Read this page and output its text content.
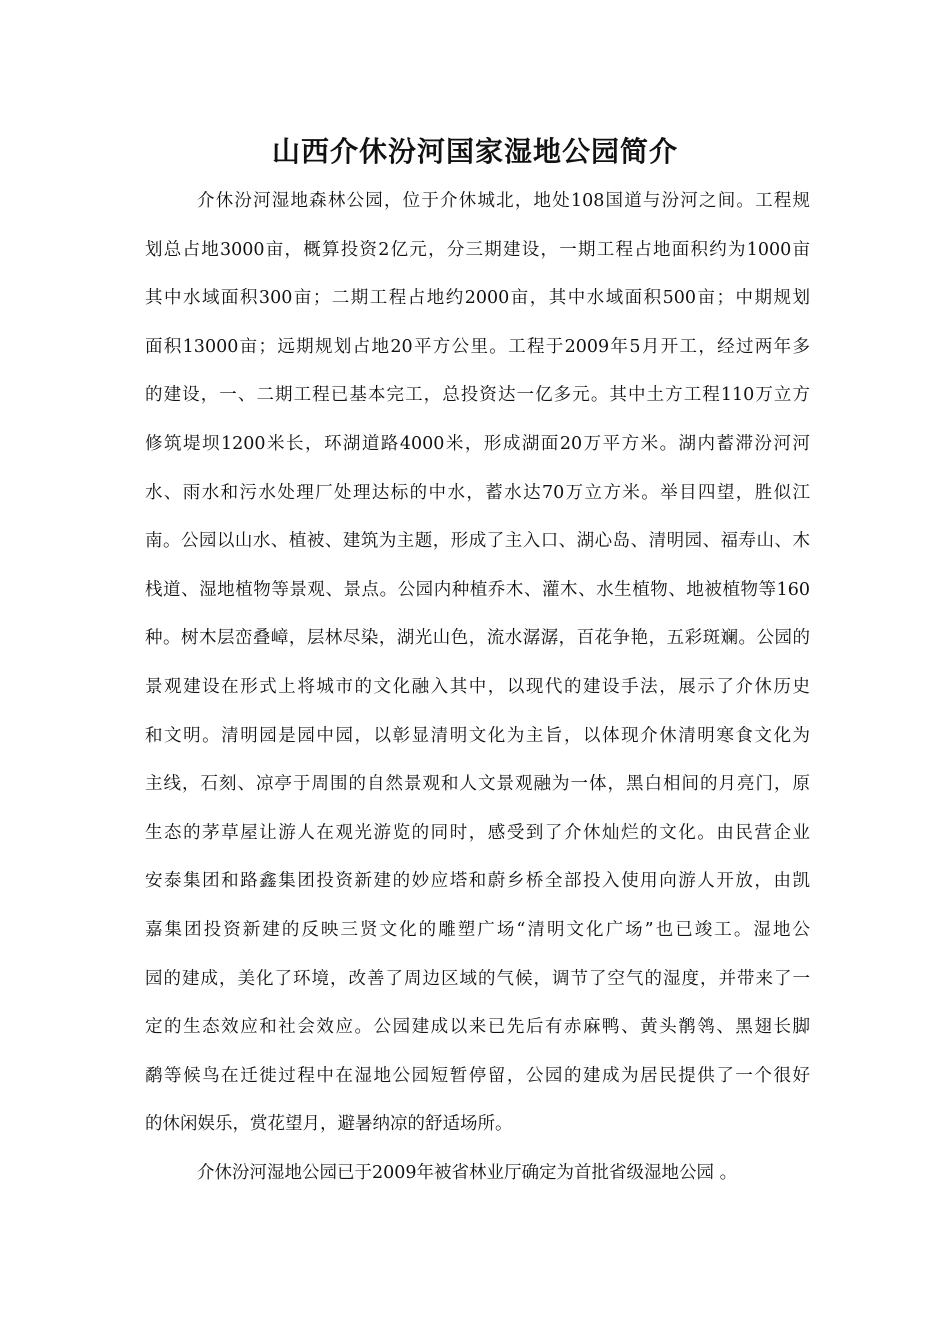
山西介休汾河国家湿地公园简介
介休汾河湿地森林公园，位于介休城北，地处108国道与汾河之间。工程规
划总占地3000亩，概算投资2亿元，分三期建设，一期工程占地面积约为1000亩
其中水域面积300亩；二期工程占地约2000亩，其中水域面积500亩；中期规划
面积13000亩；远期规划占地20平方公里。工程于2009年5月开工，经过两年多
的建设，一、二期工程已基本完工，总投资达一亿多元。其中土方工程110万立方
修筑堤坝1200米长，环湖道路4000米，形成湖面20万平方米。湖内蓄滞汾河河
水、雨水和污水处理厂处理达标的中水，蓄水达70万立方米。举目四望，胜似江
南。公园以山水、植被、建筑为主题，形成了主入口、湖心岛、清明园、福寿山、木
栈道、湿地植物等景观、景点。公园内种植乔木、灌木、水生植物、地被植物等160
种。树木层峦叠嶂，层林尽染，湖光山色，流水潺潺，百花争艳，五彩斑斓。公园的
景观建设在形式上将城市的文化融入其中，以现代的建设手法，展示了介休历史
和文明。清明园是园中园，以彰显清明文化为主旨，以体现介休清明寒食文化为
主线，石刻、凉亭于周围的自然景观和人文景观融为一体，黑白相间的月亮门，原
生态的茅草屋让游人在观光游览的同时，感受到了介休灿烂的文化。由民营企业
安泰集团和路鑫集团投资新建的妙应塔和蔚乡桥全部投入使用向游人开放，由凯
嘉集团投资新建的反映三贤文化的雕塑广场“清明文化广场”也已竣工。湿地公
园的建成，美化了环境，改善了周边区域的气候，调节了空气的湿度，并带来了一
定的生态效应和社会效应。公园建成以来已先后有赤麻鸭、黄头鹡鸰、黑翅长脚
鹬等候鸟在迁徙过程中在湿地公园短暂停留，公园的建成为居民提供了一个很好
的休闲娱乐，赏花望月，避暑纳凉的舒适场所。
介休汾河湿地公园已于2009年被省林业厅确定为首批省级湿地公园 。
